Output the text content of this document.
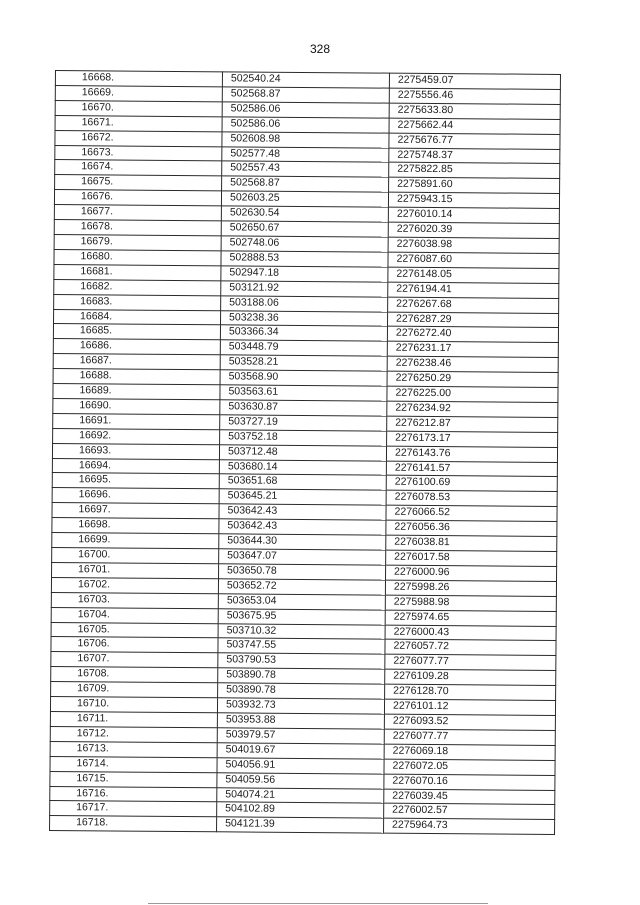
328
16668.	502540.24	2275459.07
16669.	502568.87	2275556.46
16670.	502586.06	2275633.80
16671.	502586.06	2275662.44
16672.	502608.98	2275676.77
16673.	502577.48	2275748.37
16674.	502557.43	2275822.85
16675.	502568.87	2275891.60
16676.	502603.25	2275943.15
16677.	502630.54	2276010.14
16678.	502650.67	2276020.39
16679.	502748.06	2276038.98
16680.	502888.53	2276087.60
16681.	502947.18	2276148.05
16682.	503121.92	2276194.41
16683.	503188.06	2276267.68
16684.	503238.36	2276287.29
16685.	503366.34	2276272.40
16686.	503448.79	2276231.17
16687.	503528.21	2276238.46
16688.	503568.90	2276250.29
16689.	503563.61	2276225.00
16690.	503630.87	2276234.92
16691.	503727.19	2276212.87
16692.	503752.18	2276173.17
16693.	503712.48	2276143.76
16694.	503680.14	2276141.57
16695.	503651.68	2276100.69
16696.	503645.21	2276078.53
16697.	503642.43	2276066.52
16698.	503642.43	2276056.36
16699.	503644.30	2276038.81
16700.	503647.07	2276017.58
16701.	503650.78	2276000.96
16702.	503652.72	2275998.26
16703.	503653.04	2275988.98
16704.	503675.95	2275974.65
16705.	503710.32	2276000.43
16706.	503747.55	2276057.72
16707.	503790.53	2276077.77
16708.	503890.78	2276109.28
16709.	503890.78	2276128.70
16710.	503932.73	2276101.12
16711.	503953.88	2276093.52
16712.	503979.57	2276077.77
16713.	504019.67	2276069.18
16714.	504056.91	2276072.05
16715.	504059.56	2276070.16
16716.	504074.21	2276039.45
16717.	504102.89	2276002.57
16718.	504121.39	2275964.73
